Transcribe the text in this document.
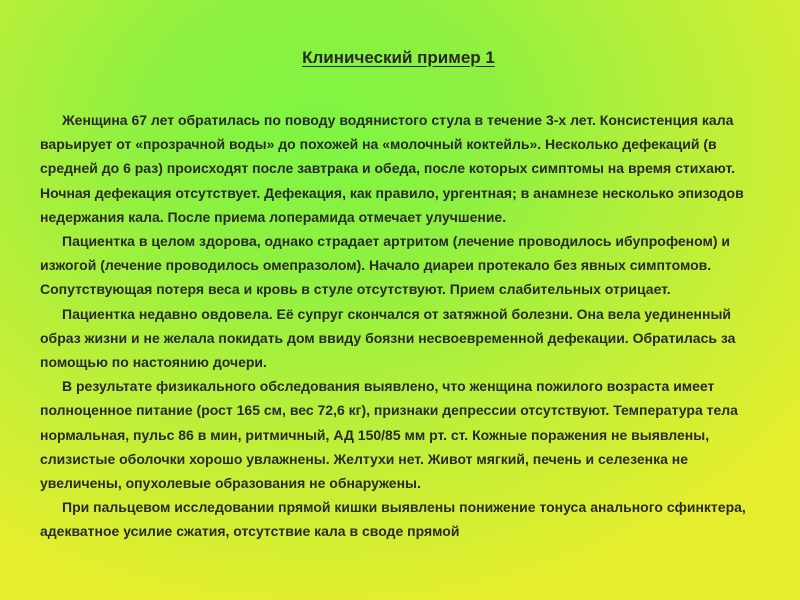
Клинический пример 1

Женщина 67 лет обратилась по поводу водянистого стула в течение 3-х лет. Консистенция кала варьирует от «прозрачной воды» до похожей на «молочный коктейль». Несколько дефекаций (в средней до 6 раз) происходят после завтрака и обеда, после которых симптомы на время стихают. Ночная дефекация отсутствует. Дефекация, как правило, ургентная; в анамнезе несколько эпизодов недержания кала. После приема лоперамида отмечает улучшение.

Пациентка в целом здорова, однако страдает артритом (лечение проводилось ибупрофеном) и изжогой (лечение проводилось омепразолом). Начало диареи протекало без явных симптомов. Сопутствующая потеря веса и кровь в стуле отсутствуют. Прием слабительных отрицает.

Пациентка недавно овдовела. Её супруг скончался от затяжной болезни. Она вела уединенный образ жизни и не желала покидать дом ввиду боязни несвоевременной дефекации. Обратилась за помощью по настоянию дочери.

В результате физикального обследования выявлено, что женщина пожилого возраста имеет полноценное питание (рост 165 см, вес 72,6 кг), признаки депрессии отсутствуют. Температура тела нормальная, пульс 86 в мин, ритмичный, АД 150/85 мм рт. ст. Кожные поражения не выявлены, слизистые оболочки хорошо увлажнены. Желтухи нет. Живот мягкий, печень и селезенка не увеличены, опухолевые образования не обнаружены.

При пальцевом исследовании прямой кишки выявлены понижение тонуса анального сфинктера, адекватное усилие сжатия, отсутствие кала в своде прямой
